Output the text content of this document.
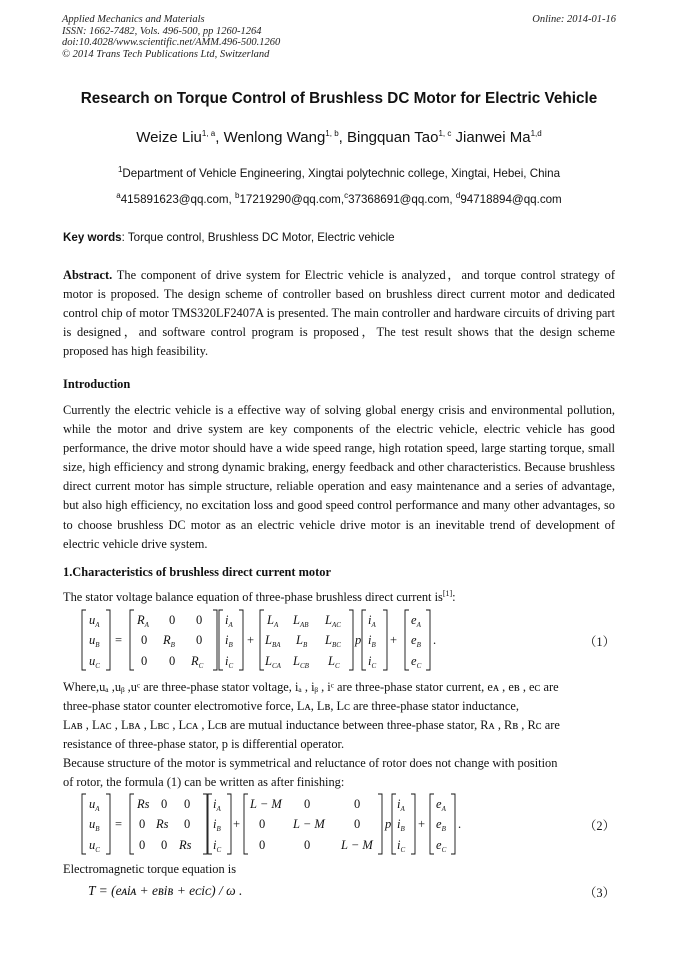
Applied Mechanics and Materials
ISSN: 1662-7482, Vols. 496-500, pp 1260-1264
doi:10.4028/www.scientific.net/AMM.496-500.1260
© 2014 Trans Tech Publications Ltd, Switzerland
Online: 2014-01-16
Research on Torque Control of Brushless DC Motor for Electric Vehicle
Weize Liu$^{1, a}$, Wenlong Wang$^{1, b}$, Bingquan Tao$^{1, c}$ Jianwei Ma$^{1,d}$
$^1$Department of Vehicle Engineering, Xingtai polytechnic college, Xingtai, Hebei, China
$^a$415891623@qq.com, $^b$17219290@qq.com,$^c$37368691@qq.com, $^d$94718894@qq.com
Key words: Torque control, Brushless DC Motor, Electric vehicle
Abstract. The component of drive system for Electric vehicle is analyzed，and torque control strategy of motor is proposed. The design scheme of controller based on brushless direct current motor and dedicated control chip of motor TMS320LF2407A is presented. The main controller and hardware circuits of driving part is designed，and software control program is proposed，The test result shows that the design scheme proposed has high feasibility.
Introduction
Currently the electric vehicle is a effective way of solving global energy crisis and environmental pollution, while the motor and drive system are key components of the electric vehicle, electric vehicle has good performance, the drive motor should have a wide speed range, high rotation speed, large starting torque, small size, high efficiency and strong dynamic braking, energy feedback and other characteristics. Because brushless direct current motor has simple structure, reliable operation and easy maintenance and a series of advantage, but also high efficiency, no excitation loss and good speed control performance and many other advantages, so to choose brushless DC motor as an electric vehicle drive motor is an inevitable trend of development of electric vehicle drive system.
1.Characteristics of brushless direct current motor
The stator voltage balance equation of three-phase brushless direct current is[1]:
$u_A$
$u_B$
$u_C$
=
$R_A$ 0 0
0 $R_B$ 0
0 0 $R_C$
$i_A$
$i_B$
$i_C$
+
$L_A$ $L_{AB}$ $L_{AC}$
$L_{BA}$ $L_B$ $L_{BC}$
$L_{CA}$ $L_{CB}$ $L_C$
p
$i_A$
$i_B$
$i_C$
+
$e_A$
$e_B$
$e_C$
.	（1）
Where,uₐ ,uᵦ ,uᶜ are three-phase stator voltage, iₐ , iᵦ , iᶜ are three-phase stator current, eᴀ , eʙ , eᴄ are
three-phase stator counter electromotive force, Lᴀ, Lʙ, Lᴄ are three-phase stator inductance,
Lᴀʙ , Lᴀᴄ , Lʙᴀ , Lʙᴄ , Lᴄᴀ , Lᴄʙ are mutual inductance between three-phase stator, Rᴀ , Rʙ , Rᴄ are
resistance of three-phase stator, p is differential operator.
Because structure of the motor is symmetrical and reluctance of rotor does not change with position
of rotor, the formula (1) can be written as after finishing:
$u_A$
$u_B$
$u_C$
=
Rs 0 0
0 Rs 0
0 0 Rs
$i_A$
$i_B$
$i_C$
+
L − M 0	0
0 L − M 0
0	0 L − M
p
$i_A$
$i_B$
$i_C$
+
$e_A$
$e_B$
$e_C$
.	（2）
Electromagnetic torque equation is
T = (eᴀiᴀ + eʙiʙ + eᴄiᴄ) / ω .	（3）
